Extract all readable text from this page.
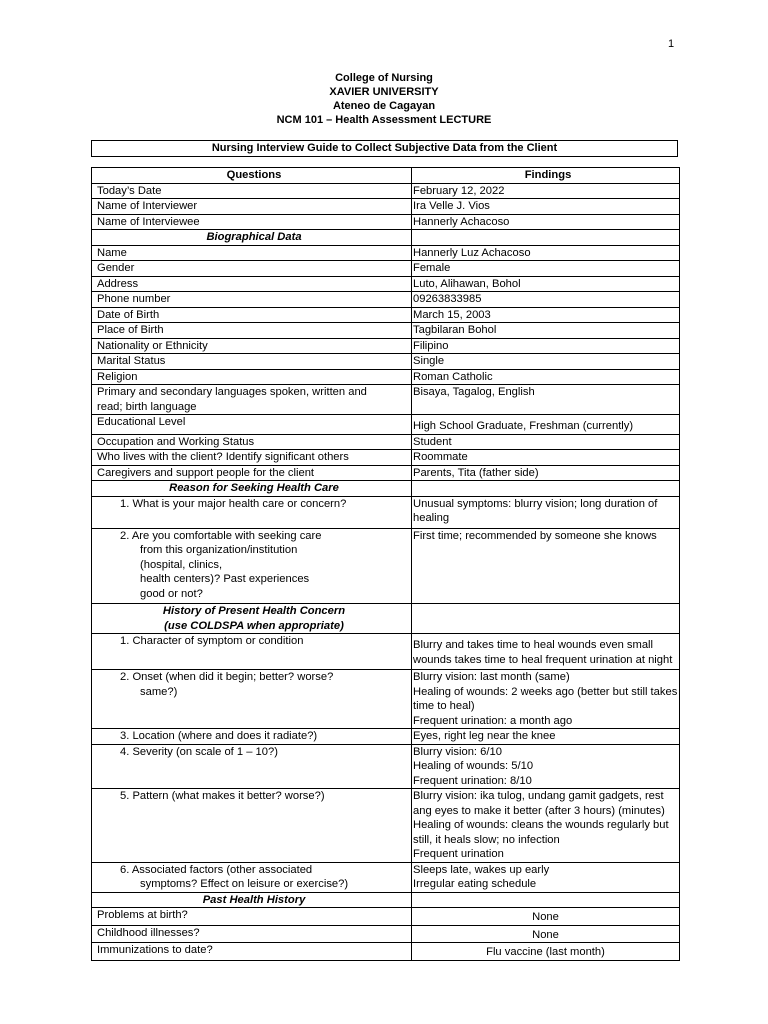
1
College of Nursing
XAVIER UNIVERSITY
Ateneo de Cagayan
NCM 101 – Health Assessment LECTURE
Nursing Interview Guide to Collect Subjective Data from the Client
Questions	Findings
Today’s Date	February 12, 2022
Name of Interviewer	Ira Velle J. Vios
Name of Interviewee	Hannerly Achacoso
Biographical Data	
Name	Hannerly Luz Achacoso
Gender	Female
Address	Luto, Alihawan, Bohol
Phone number	09263833985
Date of Birth	March 15, 2003
Place of Birth	Tagbilaran Bohol
Nationality or Ethnicity	Filipino
Marital Status	Single
Religion	Roman Catholic

Primary and secondary languages spoken, written and
read; birth language	Bisaya, Tagalog, English
Educational Level	High School Graduate, Freshman (currently)
Occupation and Working Status	Student
Who lives with the client? Identify significant others	Roommate
Caregivers and support people for the client	Parents, Tita (father side)
Reason for Seeking Health Care	
1. What is your major health care or concern?	Unusual symptoms: blurry vision; long duration of healing

2. Are you comfortable with seeking care
from this organization/institution
(hospital, clinics,
health centers)? Past experiences
good or not?	First time; recommended by someone she knows

History of Present Health Concern
(use COLDSPA when appropriate)	

1. Character of symptom or condition	Blurry and takes time to heal wounds even small wounds takes time to heal frequent urination at night

2. Onset (when did it begin; better? worse?
same?)	Blurry vision: last month (same)
Healing of wounds: 2 weeks ago (better but still takes time to heal)
Frequent urination: a month ago

3. Location (where and does it radiate?)	Eyes, right leg near the knee
4. Severity (on scale of 1 – 10?)	Blurry vision: 6/10
Healing of wounds: 5/10
Frequent urination: 8/10

5. Pattern (what makes it better? worse?)	Blurry vision: ika tulog, undang gamit gadgets, rest ang eyes to make it better (after 3 hours) (minutes)
Healing of wounds: cleans the wounds regularly but still, it heals slow; no infection
Frequent urination

6. Associated factors (other associated
symptoms? Effect on leisure or exercise?)	Sleeps late, wakes up early
Irregular eating schedule

Past Health History	
Problems at birth?	None
Childhood illnesses?	None
Immunizations to date?	Flu vaccine (last month)
